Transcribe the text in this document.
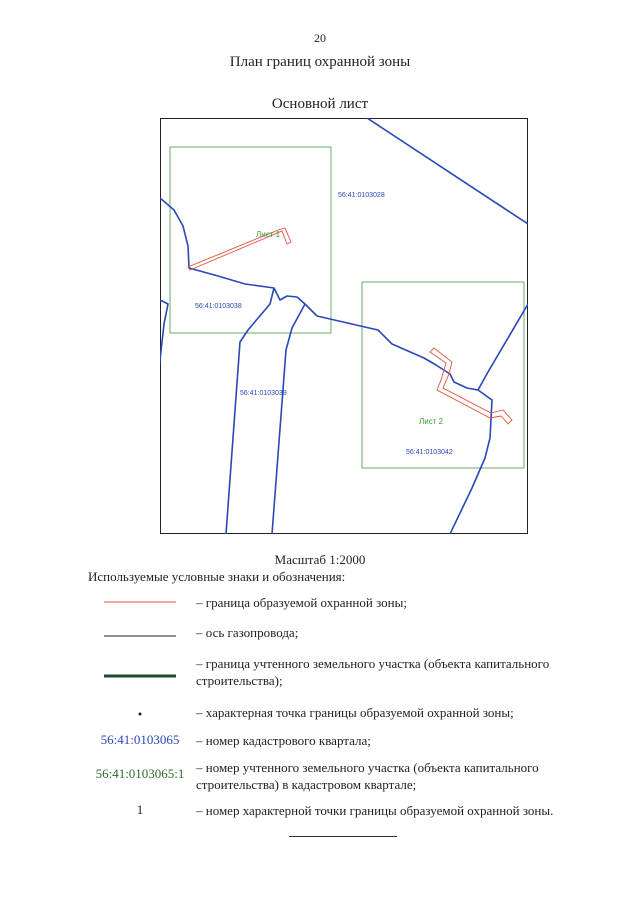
20
План границ охранной зоны
Основной лист
56:41:0103028
56:41:0103038
56:41:0103039
56:41:0103042
Лист 1
Лист 2
Масштаб 1:2000
Используемые условные знаки и обозначения:
– граница образуемой охранной зоны;
– ось газопровода;
– граница учтенного земельного участка (объекта капитального строительства);
– характерная точка границы образуемой охранной зоны;
56:41:0103065	– номер кадастрового квартала;
56:41:0103065:1 – номер учтенного земельного участка (объекта капитального строительства) в кадастровом квартале;
1	– номер характерной точки границы образуемой охранной зоны.
